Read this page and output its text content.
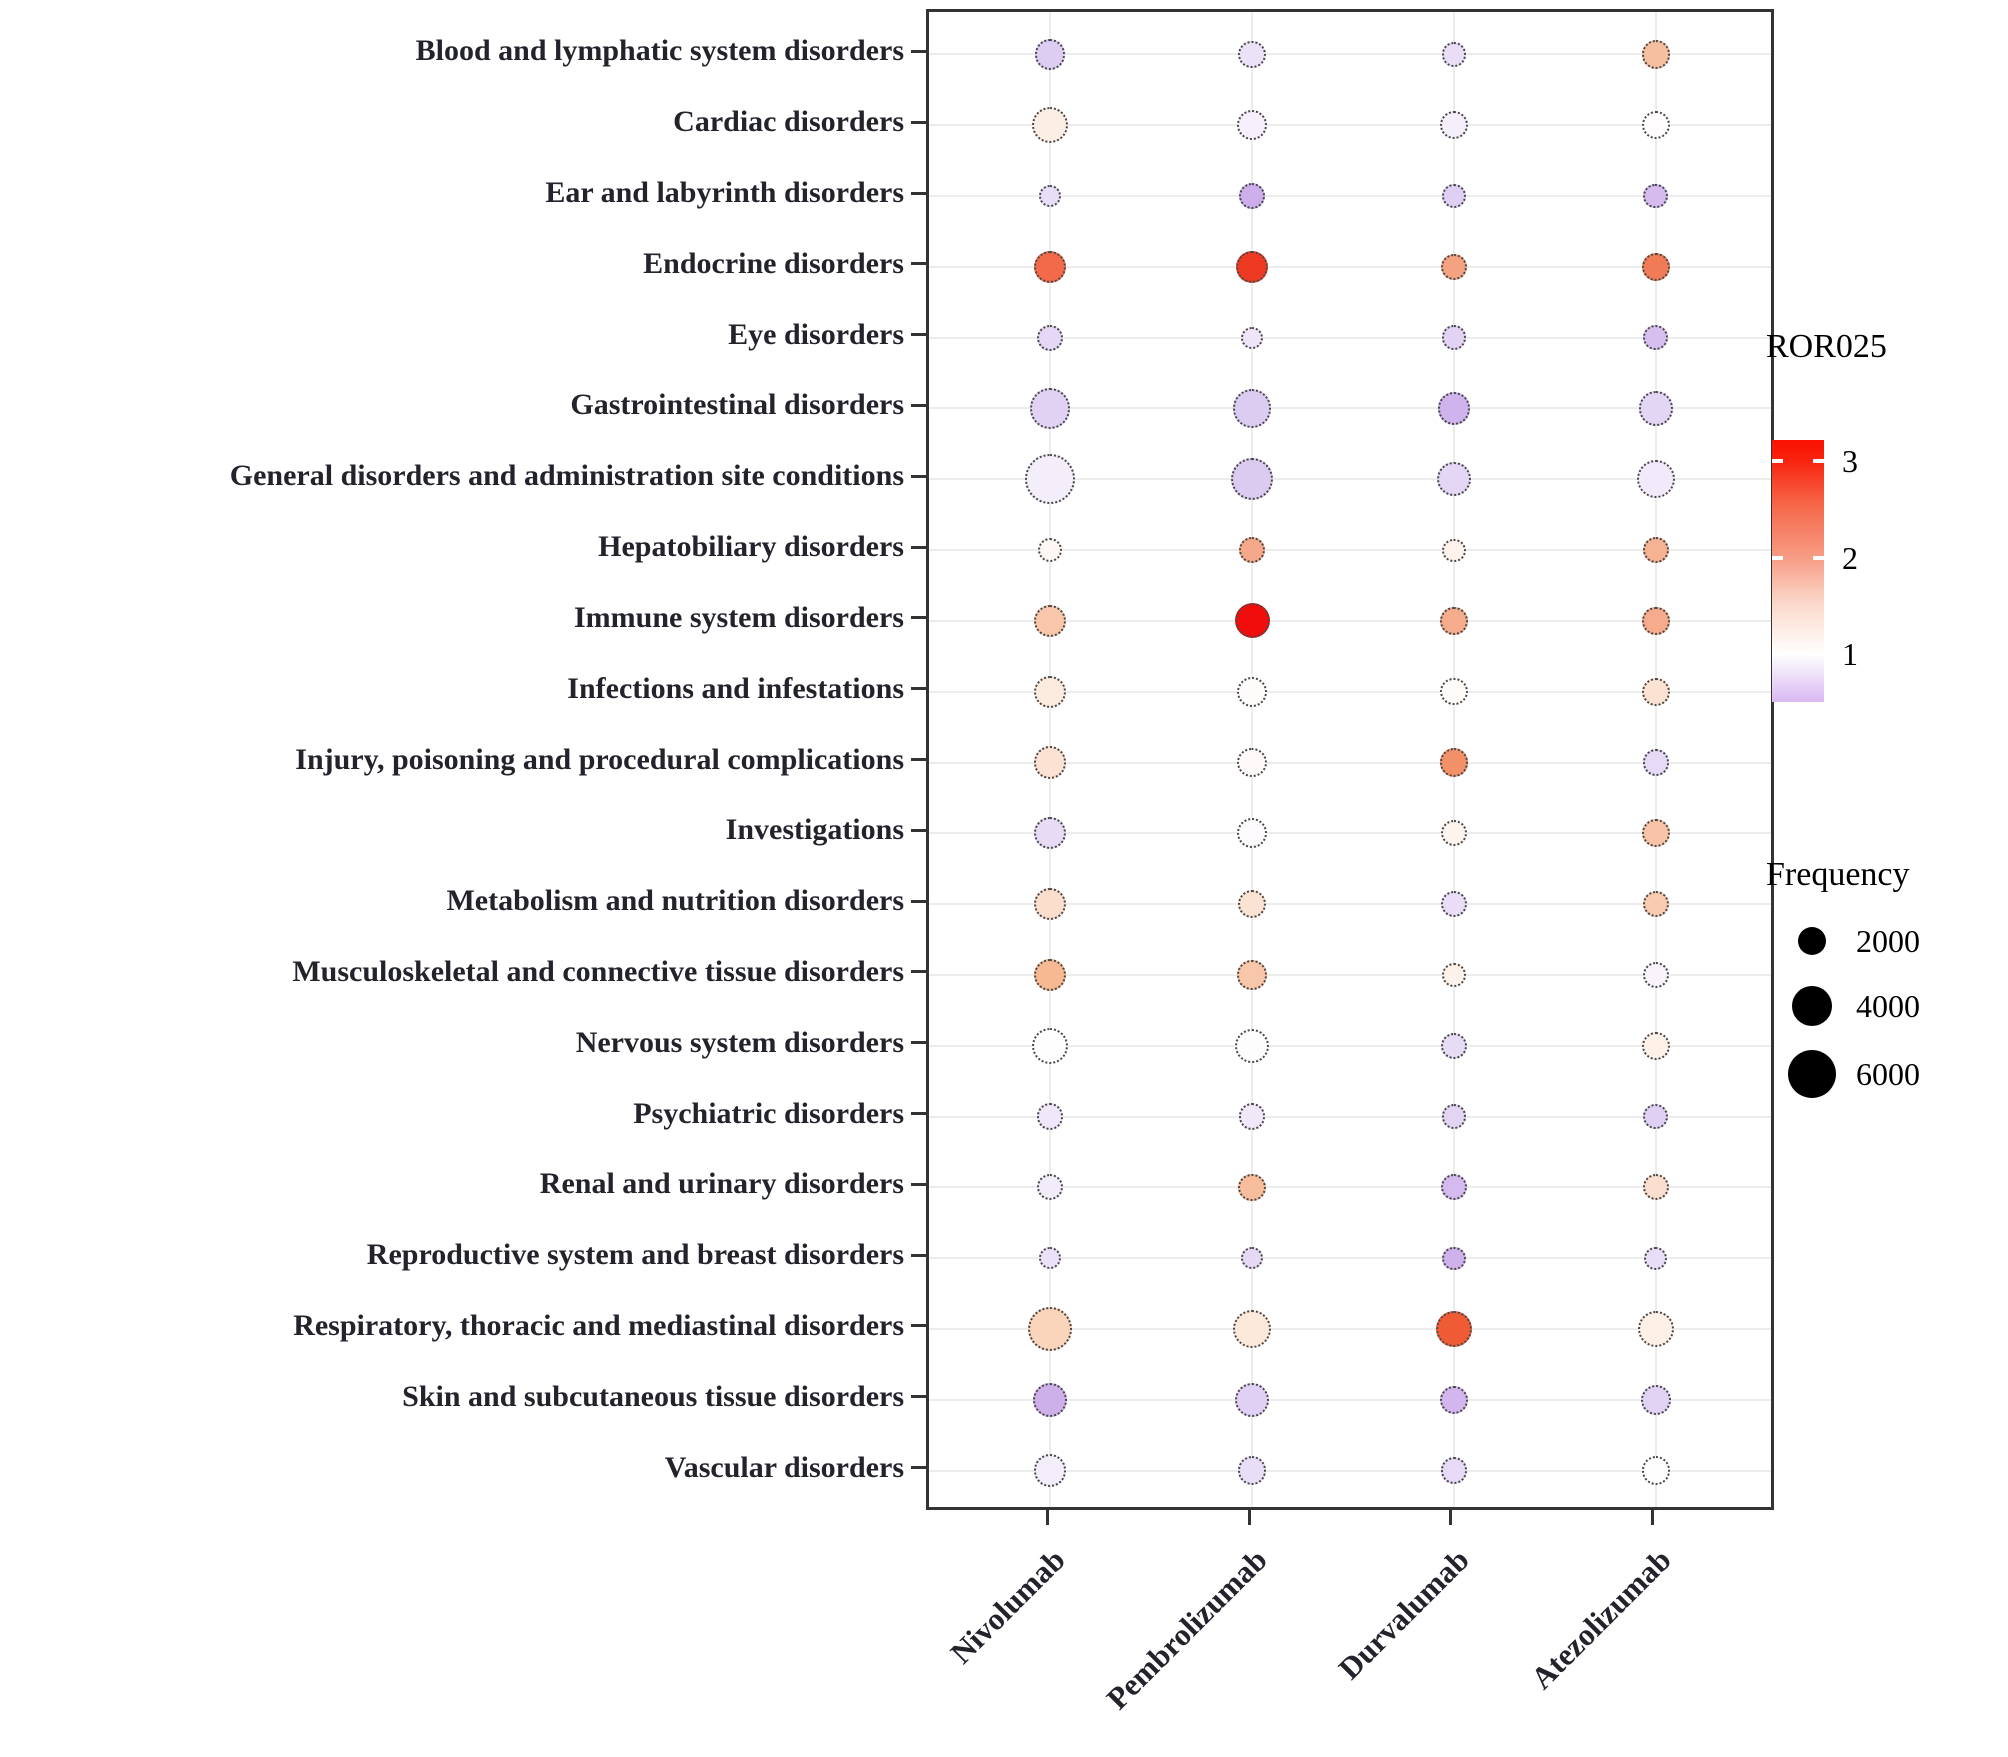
ROR025
Frequency
Blood and lymphatic system disorders
Cardiac disorders
Ear and labyrinth disorders
Endocrine disorders
Eye disorders
Gastrointestinal disorders
General disorders and administration site conditions
Hepatobiliary disorders
Immune system disorders
Infections and infestations
Injury, poisoning and procedural complications
Investigations
Metabolism and nutrition disorders
Musculoskeletal and connective tissue disorders
Nervous system disorders
Psychiatric disorders
Renal and urinary disorders
Reproductive system and breast disorders
Respiratory, thoracic and mediastinal disorders
Skin and subcutaneous tissue disorders
Vascular disorders
Nivolumab Pembrolizumab	Durvalumab	Atezolizumab
3
2
1
2000
4000
6000
